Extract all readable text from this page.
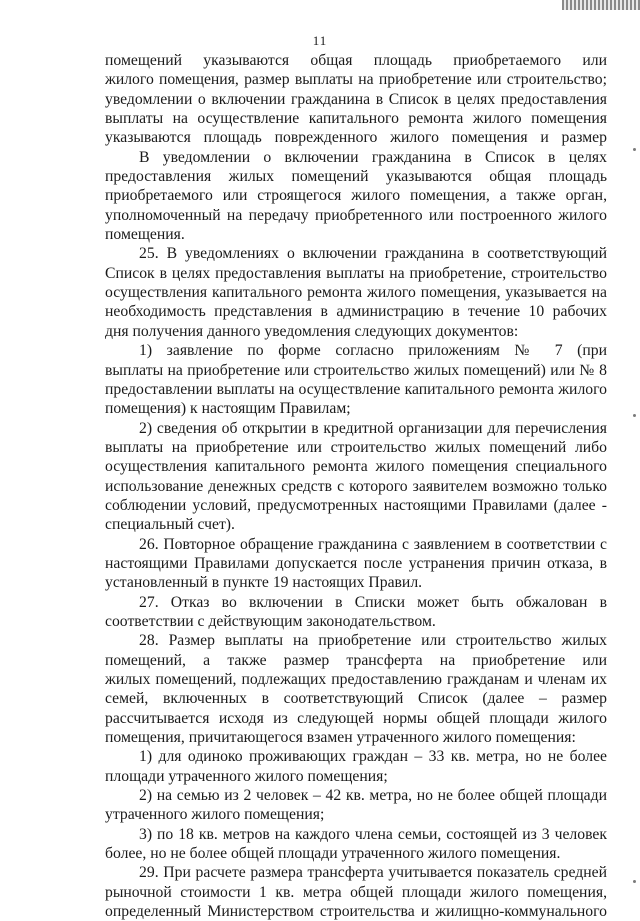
11
помещений указываются общая площадь приобретаемого или
жилого помещения, размер выплаты на приобретение или строительство;
уведомлении о включении гражданина в Список в целях предоставления
выплаты на осуществление капитального ремонта жилого помещения
указываются площадь поврежденного жилого помещения и размер
В уведомлении о включении гражданина в Список в целях
предоставления жилых помещений указываются общая площадь
приобретаемого или строящегося жилого помещения, а также орган,
уполномоченный на передачу приобретенного или построенного жилого
помещения.
25. В уведомлениях о включении гражданина в соответствующий
Список в целях предоставления выплаты на приобретение, строительство
осуществления капитального ремонта жилого помещения, указывается на
необходимость представления в администрацию в течение 10 рабочих
дня получения данного уведомления следующих документов:
1) заявление по форме согласно приложениям № 7 (при
выплаты на приобретение или строительство жилых помещений) или № 8
предоставлении выплаты на осуществление капитального ремонта жилого
помещения) к настоящим Правилам;
2) сведения об открытии в кредитной организации для перечисления
выплаты на приобретение или строительство жилых помещений либо
осуществления капитального ремонта жилого помещения специального
использование денежных средств с которого заявителем возможно только
соблюдении условий, предусмотренных настоящими Правилами (далее -
специальный счет).
26. Повторное обращение гражданина с заявлением в соответствии с
настоящими Правилами допускается после устранения причин отказа, в
установленный в пункте 19 настоящих Правил.
27. Отказ во включении в Списки может быть обжалован в
соответствии с действующим законодательством.
28. Размер выплаты на приобретение или строительство жилых
помещений, а также размер трансферта на приобретение или
жилых помещений, подлежащих предоставлению гражданам и членам их
семей, включенных в соответствующий Список (далее – размер
рассчитывается исходя из следующей нормы общей площади жилого
помещения, причитающегося взамен утраченного жилого помещения:
1) для одиноко проживающих граждан – 33 кв. метра, но не более
площади утраченного жилого помещения;
2) на семью из 2 человек – 42 кв. метра, но не более общей площади
утраченного жилого помещения;
3) по 18 кв. метров на каждого члена семьи, состоящей из 3 человек
более, но не более общей площади утраченного жилого помещения.
29. При расчете размера трансферта учитывается показатель средней
рыночной стоимости 1 кв. метра общей площади жилого помещения,
определенный Министерством строительства и жилищно-коммунального
